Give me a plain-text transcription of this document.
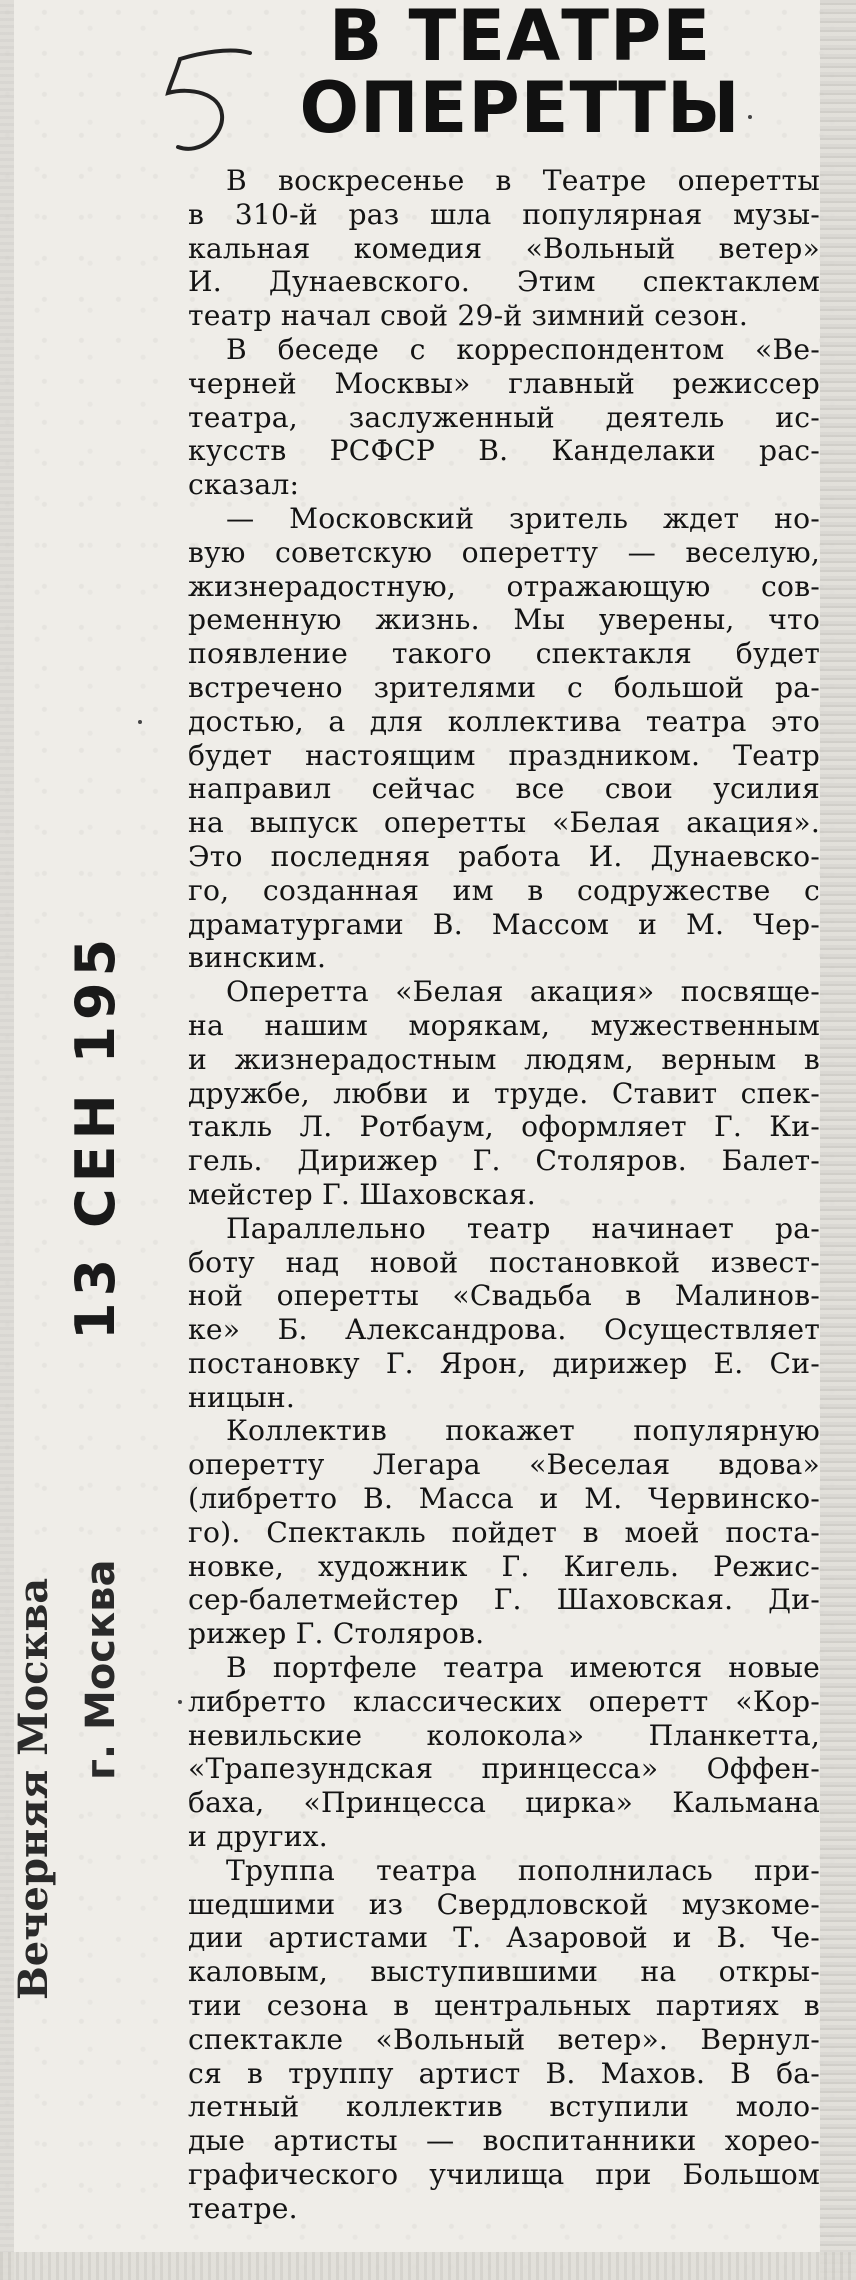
В ТЕАТРЕ
ОПЕРЕТТЫ
В воскресенье в Театре оперетты
в 310-й раз шла популярная музы-
кальная комедия «Вольный ветер»
И. Дунаевского. Этим спектаклем
театр начал свой 29-й зимний сезон.
В беседе с корреспондентом «Ве-
черней Москвы» главный режиссер
театра, заслуженный деятель ис-
кусств РСФСР В. Канделаки рас-
сказал:
— Московский зритель ждет но-
вую советскую оперетту — веселую,
жизнерадостную, отражающую сов-
ременную жизнь. Мы уверены, что
появление такого спектакля будет
встречено зрителями с большой ра-
достью, а для коллектива театра это
будет настоящим праздником. Театр
направил сейчас все свои усилия
на выпуск оперетты «Белая акация».
Это последняя работа И. Дунаевско-
го, созданная им в содружестве с
драматургами В. Массом и М. Чер-
винским.
Оперетта «Белая акация» посвяще-
на нашим морякам, мужественным
и жизнерадостным людям, верным в
дружбе, любви и труде. Ставит спек-
такль Л. Ротбаум, оформляет Г. Ки-
гель. Дирижер Г. Столяров. Балет-
мейстер Г. Шаховская.
Параллельно театр начинает ра-
боту над новой постановкой извест-
ной оперетты «Свадьба в Малинов-
ке» Б. Александрова. Осуществляет
постановку Г. Ярон, дирижер Е. Си-
ницын.
Коллектив покажет популярную
оперетту Легара «Веселая вдова»
(либретто В. Масса и М. Червинско-
го). Спектакль пойдет в моей поста-
новке, художник Г. Кигель. Режис-
сер-балетмейстер Г. Шаховская. Ди-
рижер Г. Столяров.
В портфеле театра имеются новые
либретто классических оперетт «Кор-
невильские колокола» Планкетта,
«Трапезундская принцесса» Оффен-
баха, «Принцесса цирка» Кальмана
и других.
Труппа театра пополнилась при-
шедшими из Свердловской музкоме-
дии артистами Т. Азаровой и В. Че-
каловым, выступившими на откры-
тии сезона в центральных партиях в
спектакле «Вольный ветер». Вернул-
ся в труппу артист В. Махов. В ба-
летный коллектив вступили моло-
дые артисты — воспитанники хорео-
графического училища при Большом
театре.
13 СЕН 195
Вечерняя Москва г. Москва
